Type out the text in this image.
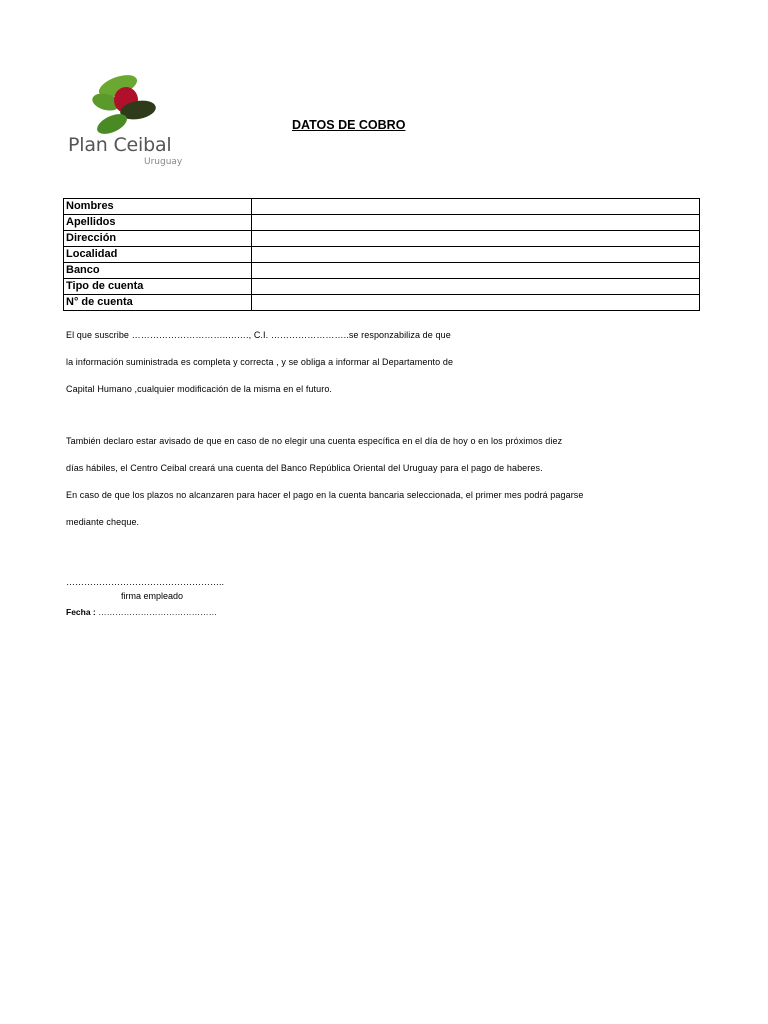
Plan Ceibal
Uruguay
DATOS DE COBRO
Nombres	
Apellidos	
Dirección	
Localidad	
Banco	
Tipo de cuenta	
N° de cuenta	
El que suscribe …………………………..……., C.I. ……………………..se responzabiliza de que
la información suministrada es completa y correcta , y se obliga a informar al Departamento de
Capital Humano ,cualquier modificación de la misma en el futuro.
También declaro estar avisado de que en caso de no elegir una cuenta específica en el día de hoy o en los próximos diez
días hábiles, el Centro Ceibal creará una cuenta del Banco República Oriental del Uruguay para el pago de haberes.
En caso de que los plazos no alcanzaren para hacer el pago en la cuenta bancaria seleccionada, el primer mes podrá pagarse
mediante cheque.
……………………………………………..
firma empleado
Fecha : ……………………………………
